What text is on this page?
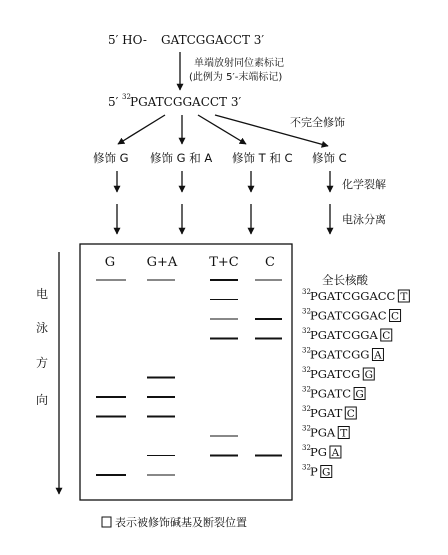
5′ HO- GATCGGACCT 3′
单端放射同位素标记
(此例为 5′-末端标记)
5′ 32 PGATCGGACCT 3′
不完全修饰
修饰 G 修饰 G 和 A 修饰 T 和 C 修饰 C
化学裂解
电泳分离
电
泳
方
向
G G+A T+C C
全长核酸
32 PGATCGGACC T
32 PGATCGGAC C
32 PGATCGGA C
32 PGATCGG A
32 PGATCG G
32 PGATC G
32 PGAT C
32 PGA T
32 PG A
32 P G
表示被修饰碱基及断裂位置
